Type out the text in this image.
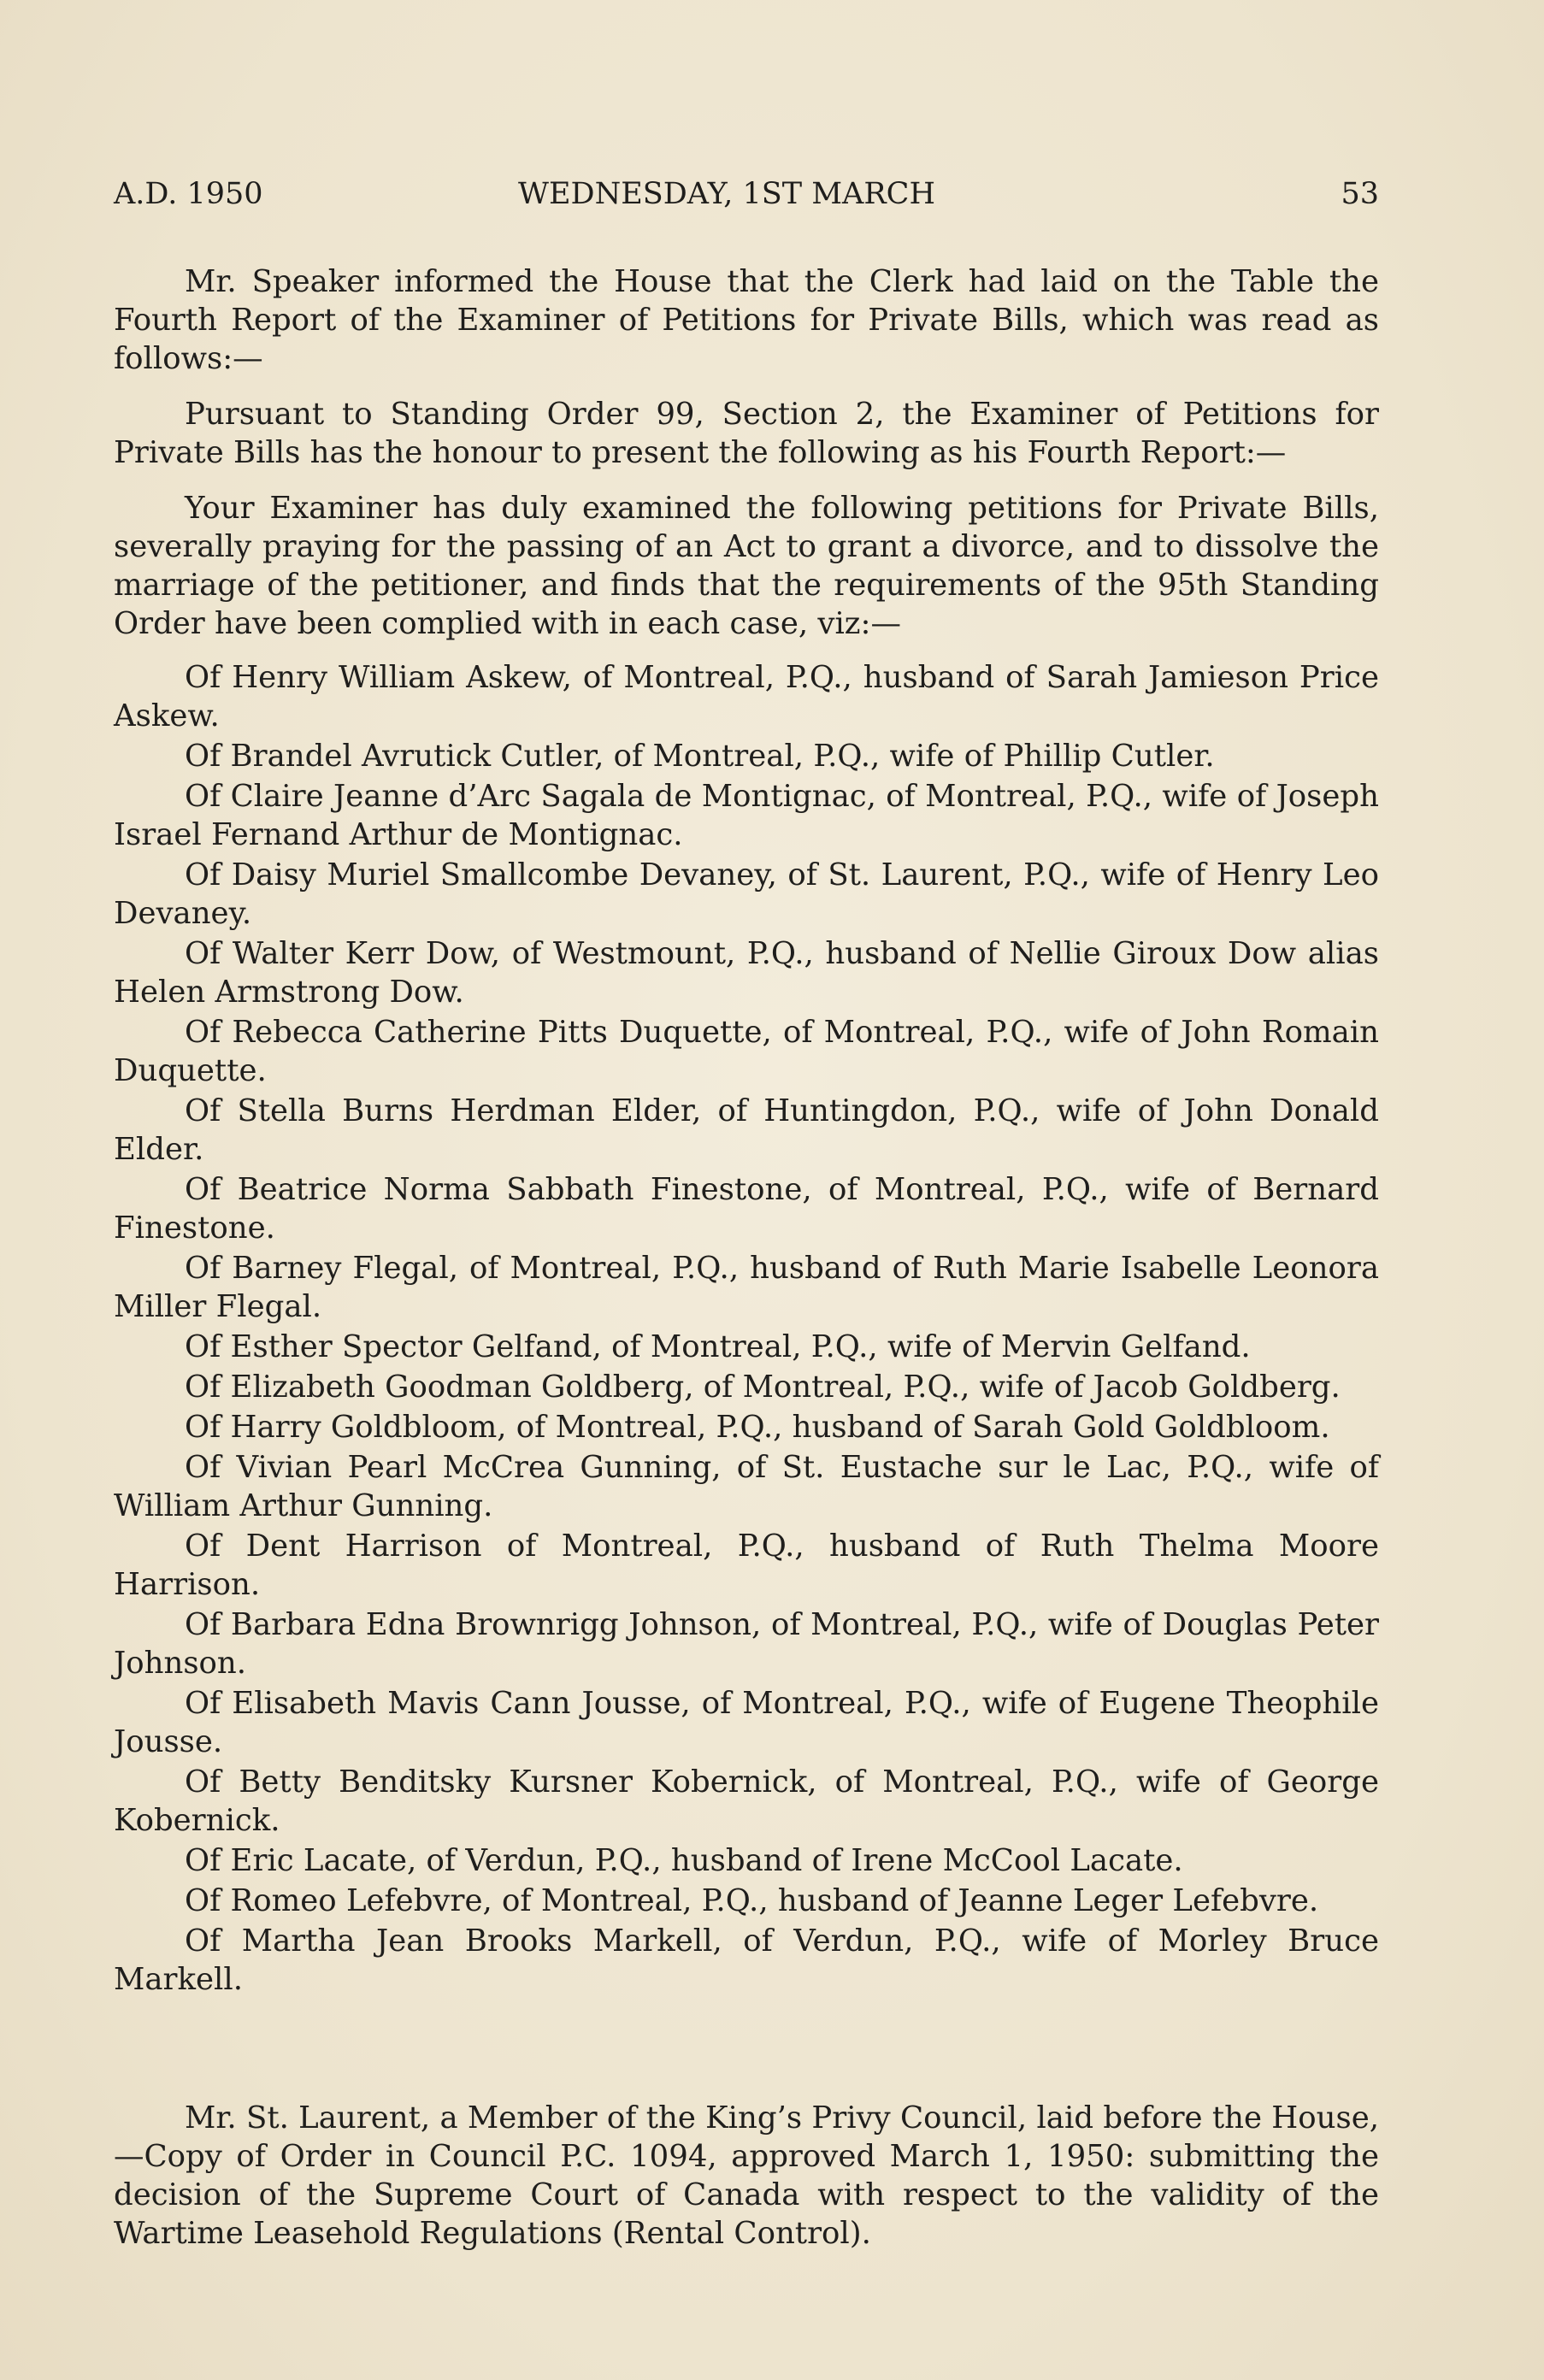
A.D. 1950	WEDNESDAY, 1ST MARCH	53

Mr. Speaker informed the House that the Clerk had laid on the Table the Fourth Report of the Examiner of Petitions for Private Bills, which was read as follows:—

Pursuant to Standing Order 99, Section 2, the Examiner of Petitions for Private Bills has the honour to present the following as his Fourth Report:—

Your Examiner has duly examined the following petitions for Private Bills, severally praying for the passing of an Act to grant a divorce, and to dissolve the marriage of the petitioner, and finds that the requirements of the 95th Standing Order have been complied with in each case, viz:—

Of Henry William Askew, of Montreal, P.Q., husband of Sarah Jamieson Price Askew.

Of Brandel Avrutick Cutler, of Montreal, P.Q., wife of Phillip Cutler.

Of Claire Jeanne d’Arc Sagala de Montignac, of Montreal, P.Q., wife of Joseph Israel Fernand Arthur de Montignac.

Of Daisy Muriel Smallcombe Devaney, of St. Laurent, P.Q., wife of Henry Leo Devaney.

Of Walter Kerr Dow, of Westmount, P.Q., husband of Nellie Giroux Dow alias Helen Armstrong Dow.

Of Rebecca Catherine Pitts Duquette, of Montreal, P.Q., wife of John Romain Duquette.

Of Stella Burns Herdman Elder, of Huntingdon, P.Q., wife of John Donald Elder.

Of Beatrice Norma Sabbath Finestone, of Montreal, P.Q., wife of Bernard Finestone.

Of Barney Flegal, of Montreal, P.Q., husband of Ruth Marie Isabelle Leonora Miller Flegal.

Of Esther Spector Gelfand, of Montreal, P.Q., wife of Mervin Gelfand.

Of Elizabeth Goodman Goldberg, of Montreal, P.Q., wife of Jacob Goldberg.

Of Harry Goldbloom, of Montreal, P.Q., husband of Sarah Gold Goldbloom.

Of Vivian Pearl McCrea Gunning, of St. Eustache sur le Lac, P.Q., wife of William Arthur Gunning.

Of Dent Harrison of Montreal, P.Q., husband of Ruth Thelma Moore Harrison.

Of Barbara Edna Brownrigg Johnson, of Montreal, P.Q., wife of Douglas Peter Johnson.

Of Elisabeth Mavis Cann Jousse, of Montreal, P.Q., wife of Eugene Theophile Jousse.

Of Betty Benditsky Kursner Kobernick, of Montreal, P.Q., wife of George Kobernick.

Of Eric Lacate, of Verdun, P.Q., husband of Irene McCool Lacate.

Of Romeo Lefebvre, of Montreal, P.Q., husband of Jeanne Leger Lefebvre.

Of Martha Jean Brooks Markell, of Verdun, P.Q., wife of Morley Bruce Markell.

Mr. St. Laurent, a Member of the King’s Privy Council, laid before the House,—Copy of Order in Council P.C. 1094, approved March 1, 1950: submitting the decision of the Supreme Court of Canada with respect to the validity of the Wartime Leasehold Regulations (Rental Control).
